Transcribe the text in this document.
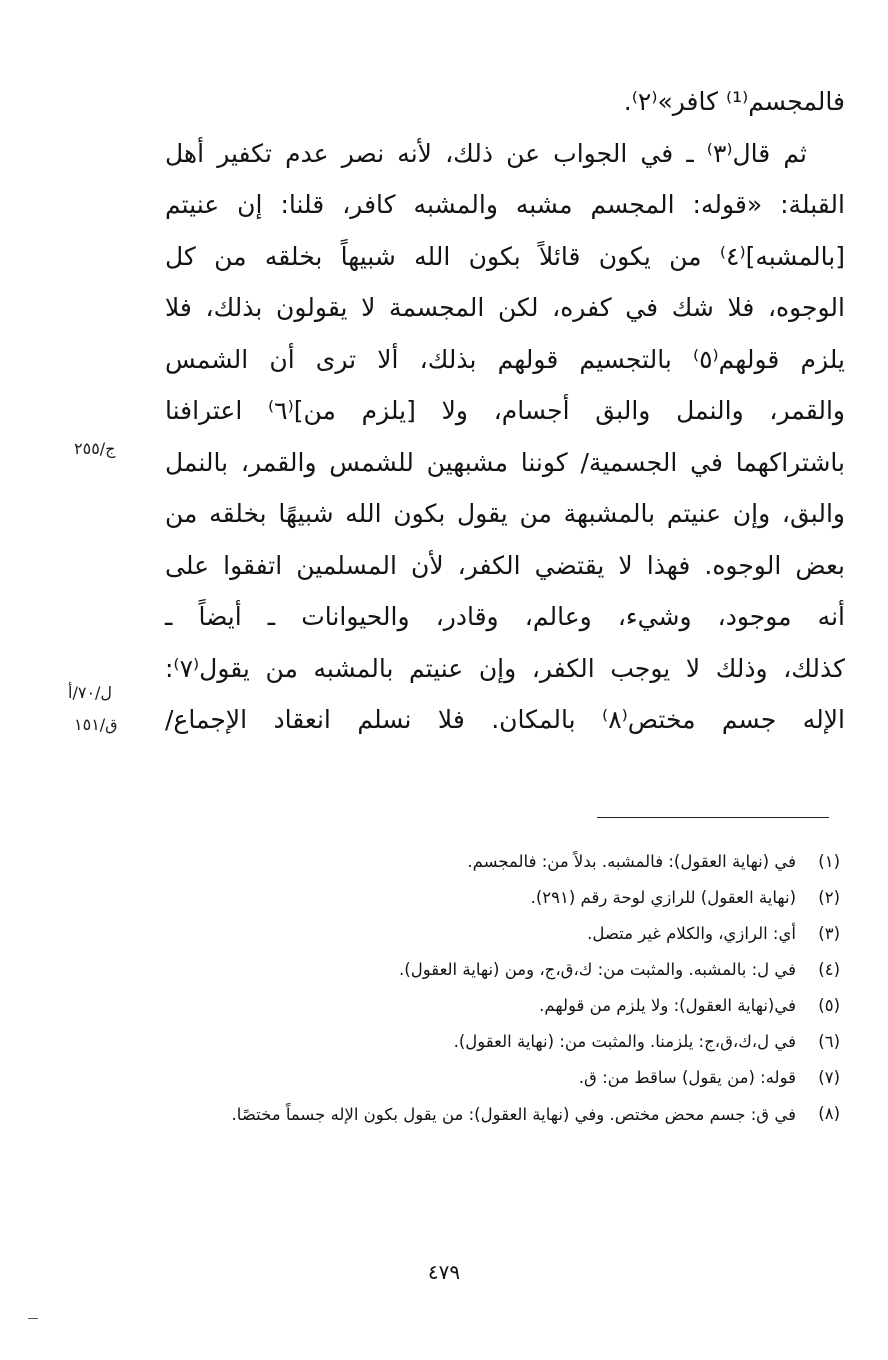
فالمجسم⁽¹⁾ كافر»⁽٢⁾.
ثم قال⁽٣⁾ ـ في الجواب عن ذلك، لأنه نصر عدم تكفير أهل
القبلة: «قوله: المجسم مشبه والمشبه كافر، قلنا: إن عنيتم
[بالمشبه]⁽٤⁾ من يكون قائلاً بكون الله شبيهاً بخلقه من كل
الوجوه، فلا شك في كفره، لكن المجسمة لا يقولون بذلك، فلا
يلزم قولهم⁽٥⁾ بالتجسيم قولهم بذلك، ألا ترى أن الشمس
والقمر، والنمل والبق أجسام، ولا [يلزم من]⁽٦⁾ اعترافنا
باشتراكهما في الجسمية/ كوننا مشبهين للشمس والقمر، بالنمل
والبق، وإن عنيتم بالمشبهة من يقول بكون الله شبيهًا بخلقه من
بعض الوجوه. فهذا لا يقتضي الكفر، لأن المسلمين اتفقوا على
أنه موجود، وشيء، وعالم، وقادر، والحيوانات ـ أيضاً ـ
كذلك، وذلك لا يوجب الكفر، وإن عنيتم بالمشبه من يقول⁽٧⁾:
الإله جسم مختص⁽٨⁾ بالمكان. فلا نسلم انعقاد الإجماع/
ج/٢٥٥
ل/٧٠/أ
ق/١٥١
(١)
في (نهاية العقول): فالمشبه. بدلاً من: فالمجسم.
(٢)
(نهاية العقول) للرازي لوحة رقم (٢٩١).
(٣)
أي: الرازي، والكلام غير متصل.
(٤)
في ل: بالمشبه. والمثبت من: ك،ق،ج، ومن (نهاية العقول).
(٥)
في(نهاية العقول): ولا يلزم من قولهم.
(٦)
في ل،ك،ق،ج: يلزمنا. والمثبت من: (نهاية العقول).
(٧)
قوله: (من يقول) ساقط من: ق.
(٨)
في ق: جسم محض مختص. وفي (نهاية العقول): من يقول بكون الإله جسماً مختصًا.
٤٧٩
